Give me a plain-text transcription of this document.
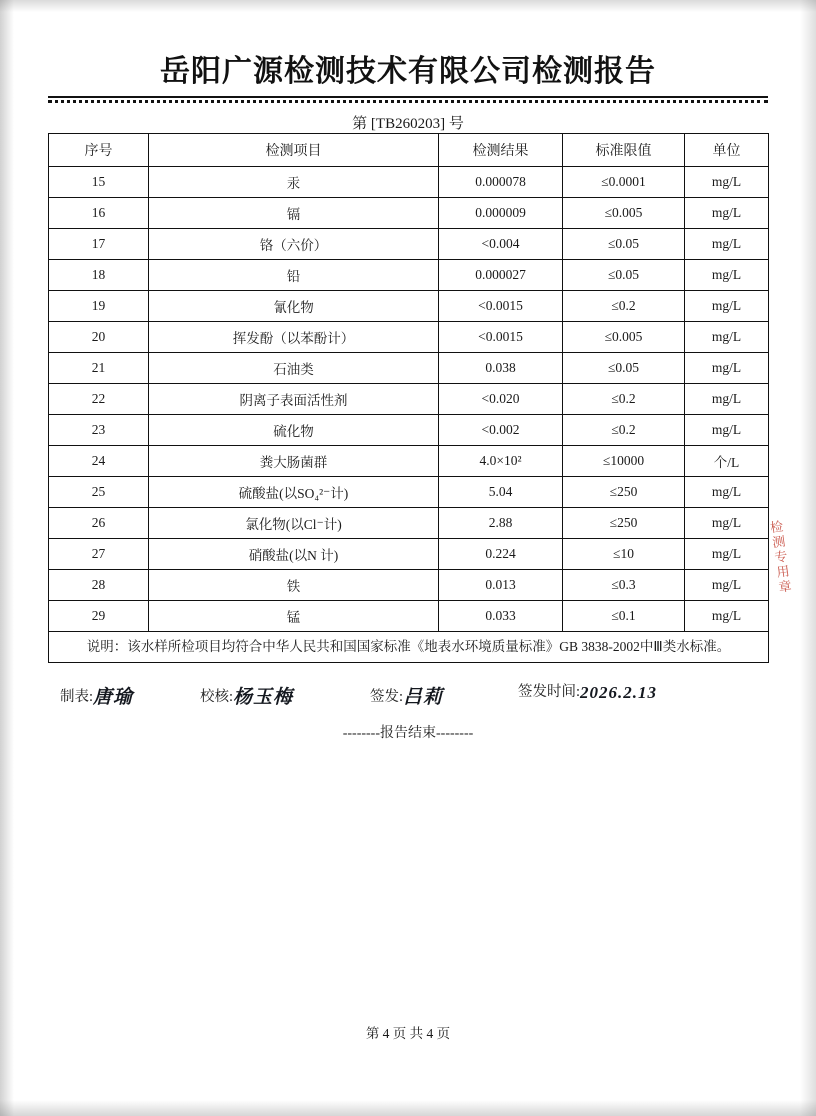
岳阳广源检测技术有限公司检测报告
第 [TB260203] 号
序号	检测项目	检测结果	标准限值	单位
15	汞	0.000078	≤0.0001	mg/L
16	镉	0.000009	≤0.005	mg/L
17	铬（六价）	<0.004	≤0.05	mg/L
18	铅	0.000027	≤0.05	mg/L
19	氰化物	<0.0015	≤0.2	mg/L
20	挥发酚（以苯酚计）	<0.0015	≤0.005	mg/L
21	石油类	0.038	≤0.05	mg/L
22	阴离子表面活性剂	<0.020	≤0.2	mg/L
23	硫化物	<0.002	≤0.2	mg/L
24	粪大肠菌群	4.0×10²	≤10000	个/L
25	硫酸盐(以SO₄²⁻计)	5.04	≤250	mg/L
26	氯化物(以Cl⁻计)	2.88	≤250	mg/L
27	硝酸盐(以N 计)	0.224	≤10	mg/L
28	铁	0.013	≤0.3	mg/L
29	锰	0.033	≤0.1	mg/L
说明：该水样所检项目均符合中华人民共和国国家标准《地表水环境质量标准》GB 3838-2002中Ⅲ类水标准。				
制表:唐瑜	校核:杨玉梅	签发:吕莉	签发时间:2026.2.13
--------报告结束--------
检
测
专
用
章
第 4 页 共 4 页
